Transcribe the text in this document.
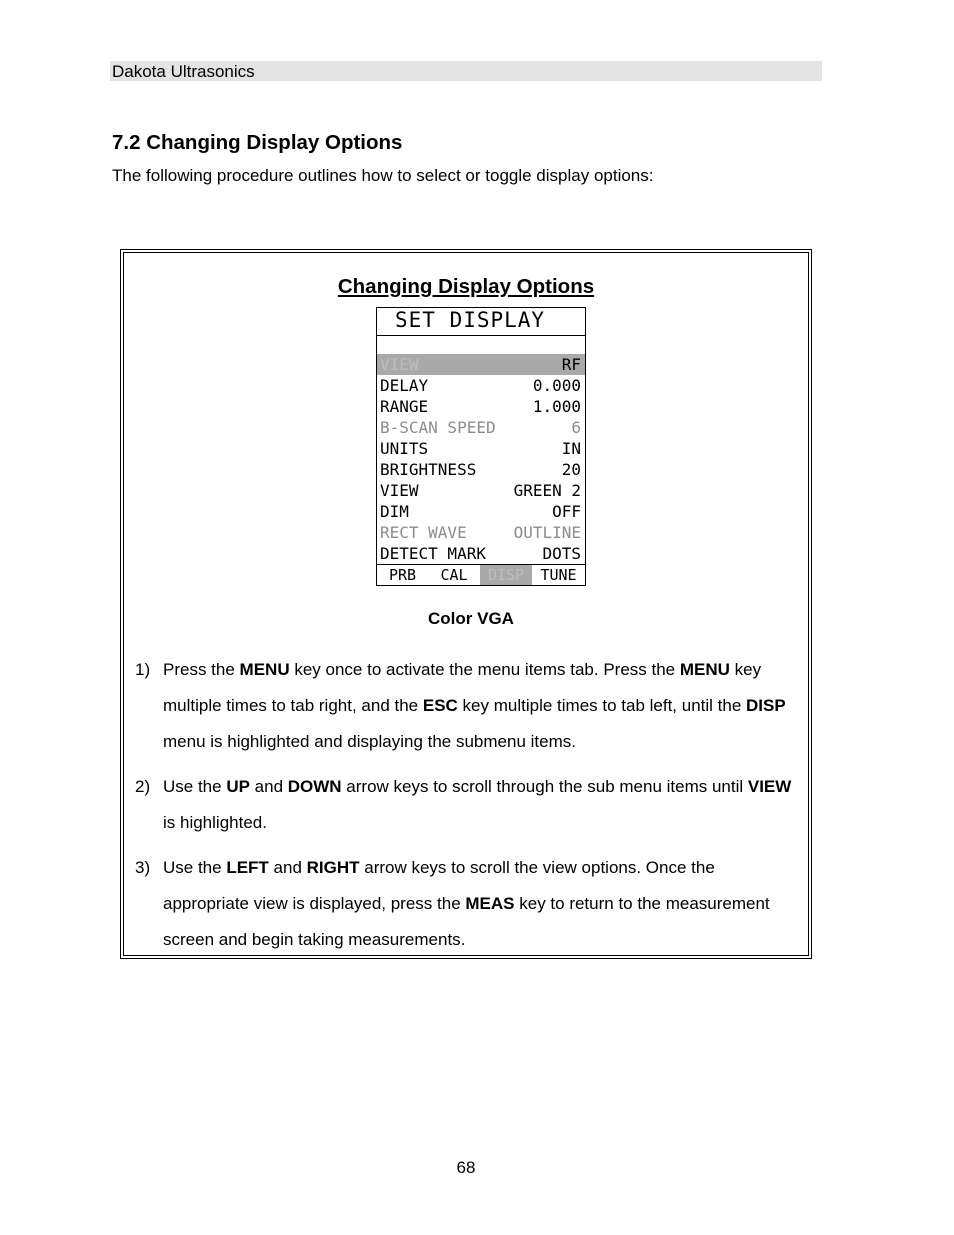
Dakota Ultrasonics
7.2 Changing Display Options
The following procedure outlines how to select or toggle display options:
Changing Display Options
SET DISPLAY
VIEW	RF
DELAY	0.000
RANGE	1.000
B-SCAN SPEED	6
UNITS	IN
BRIGHTNESS	20
VIEW	GREEN 2
DIM	OFF
RECT WAVE	OUTLINE
DETECT MARK	DOTS
PRB	CAL	DISP	TUNE
Color VGA
1) Press the MENU key once to activate the menu items tab. Press the MENU key multiple times to tab right, and the ESC key multiple times to tab left, until the DISP menu is highlighted and displaying the submenu items.
2) Use the UP and DOWN arrow keys to scroll through the sub menu items until VIEW is highlighted.
3) Use the LEFT and RIGHT arrow keys to scroll the view options. Once the appropriate view is displayed, press the MEAS key to return to the measurement screen and begin taking measurements.
68
